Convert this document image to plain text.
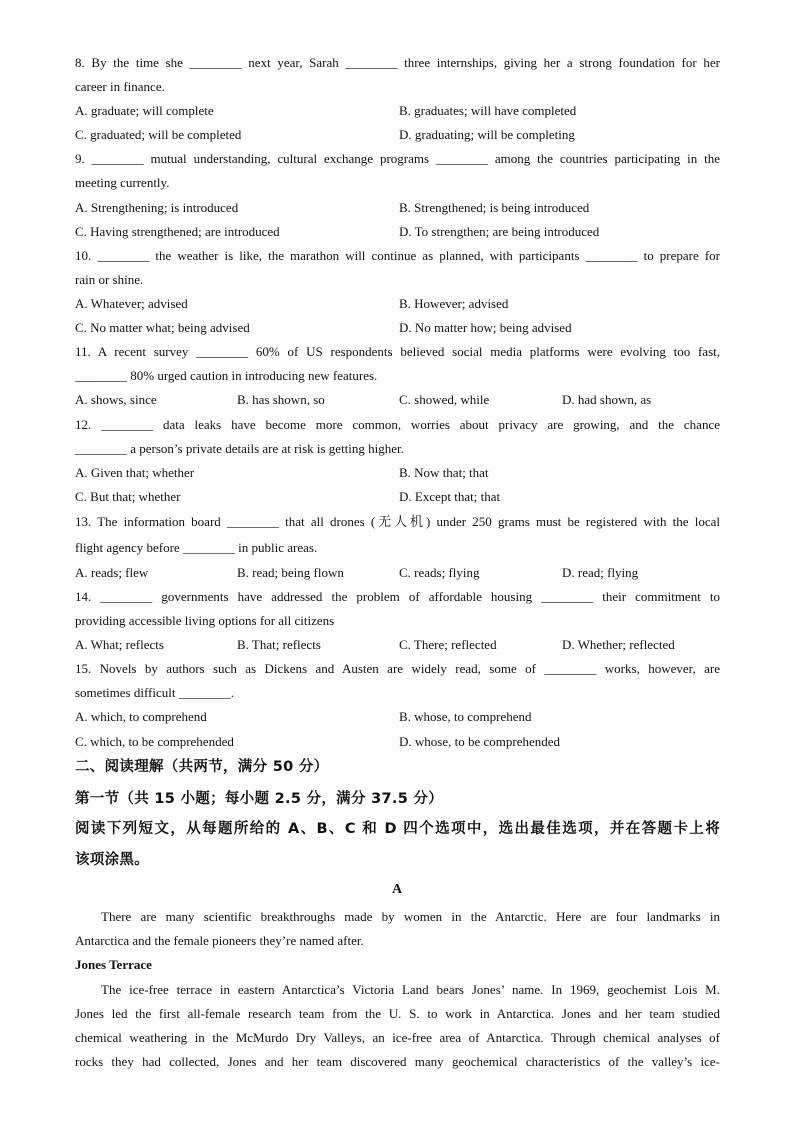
8. By the time she ________ next year, Sarah ________ three internships, giving her a strong foundation for her
career in finance.
A. graduate; will complete	B. graduates; will have completed
C. graduated; will be completed	D. graduating; will be completing
9. ________ mutual understanding, cultural exchange programs ________ among the countries participating in the
meeting currently.
A. Strengthening; is introduced	B. Strengthened; is being introduced
C. Having strengthened; are introduced	D. To strengthen; are being introduced
10. ________ the weather is like, the marathon will continue as planned, with participants ________ to prepare for
rain or shine.
A. Whatever; advised	B. However; advised
C. No matter what; being advised	D. No matter how; being advised
11. A recent survey ________ 60% of US respondents believed social media platforms were evolving too fast,
________ 80% urged caution in introducing new features.
A. shows, since	B. has shown, so	C. showed, while	D. had shown, as
12. ________ data leaks have become more common, worries about privacy are growing, and the chance
________ a person’s private details are at risk is getting higher.
A. Given that; whether	B. Now that; that
C. But that; whether	D. Except that; that
13. The information board ________ that all drones (无人机) under 250 grams must be registered with the local
flight agency before ________ in public areas.
A. reads; flew	B. read; being flown	C. reads; flying	D. read; flying
14. ________ governments have addressed the problem of affordable housing ________ their commitment to
providing accessible living options for all citizens
A. What; reflects	B. That; reflects	C. There; reflected	D. Whether; reflected
15. Novels by authors such as Dickens and Austen are widely read, some of ________ works, however, are
sometimes difficult ________.
A. which, to comprehend	B. whose, to comprehend
C. which, to be comprehended	D. whose, to be comprehended
二、阅读理解（共两节，满分 50 分）
第一节（共 15 小题；每小题 2.5 分，满分 37.5 分）
阅读下列短文，从每题所给的 A、B、C 和 D 四个选项中，选出最佳选项，并在答题卡上将
该项涂黑。
A
There are many scientific breakthroughs made by women in the Antarctic. Here are four landmarks in
Antarctica and the female pioneers they’re named after.
Jones Terrace
The ice-free terrace in eastern Antarctica’s Victoria Land bears Jones’ name. In 1969, geochemist Lois M.
Jones led the first all-female research team from the U. S. to work in Antarctica. Jones and her team studied
chemical weathering in the McMurdo Dry Valleys, an ice-free area of Antarctica. Through chemical analyses of
rocks they had collected, Jones and her team discovered many geochemical characteristics of the valley’s ice-
